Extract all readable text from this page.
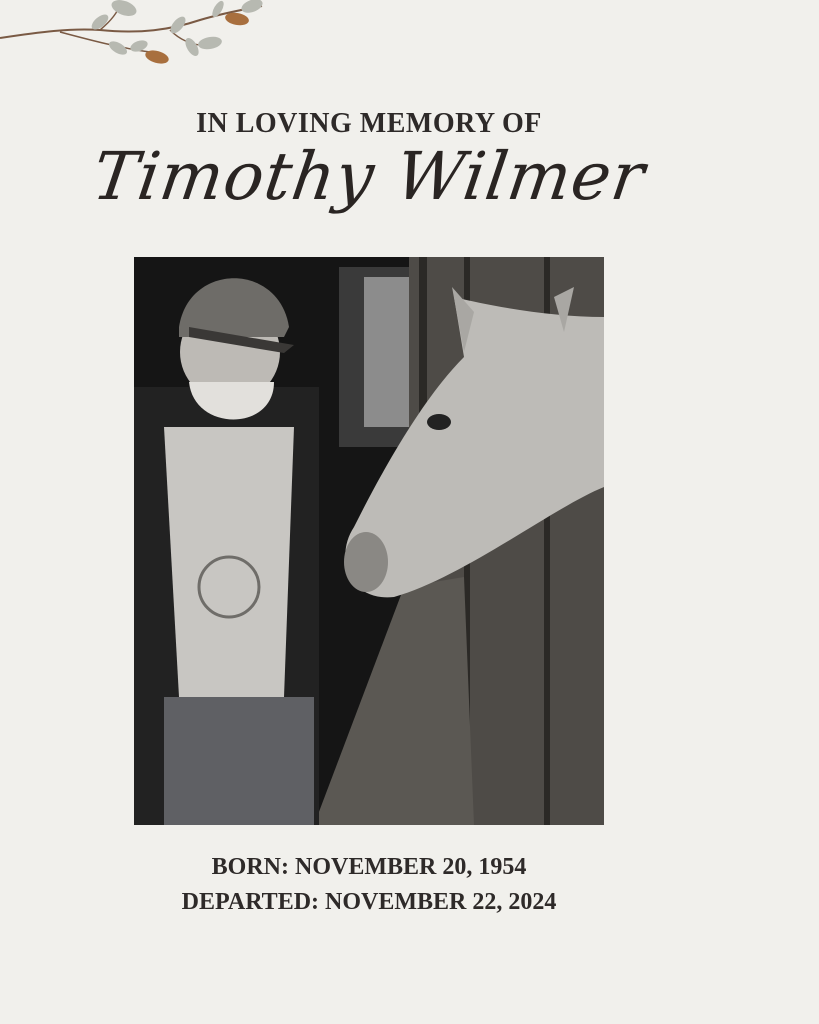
IN LOVING MEMORY OF
Timothy Wilmer
BORN: NOVEMBER 20, 1954
DEPARTED: NOVEMBER 22, 2024
